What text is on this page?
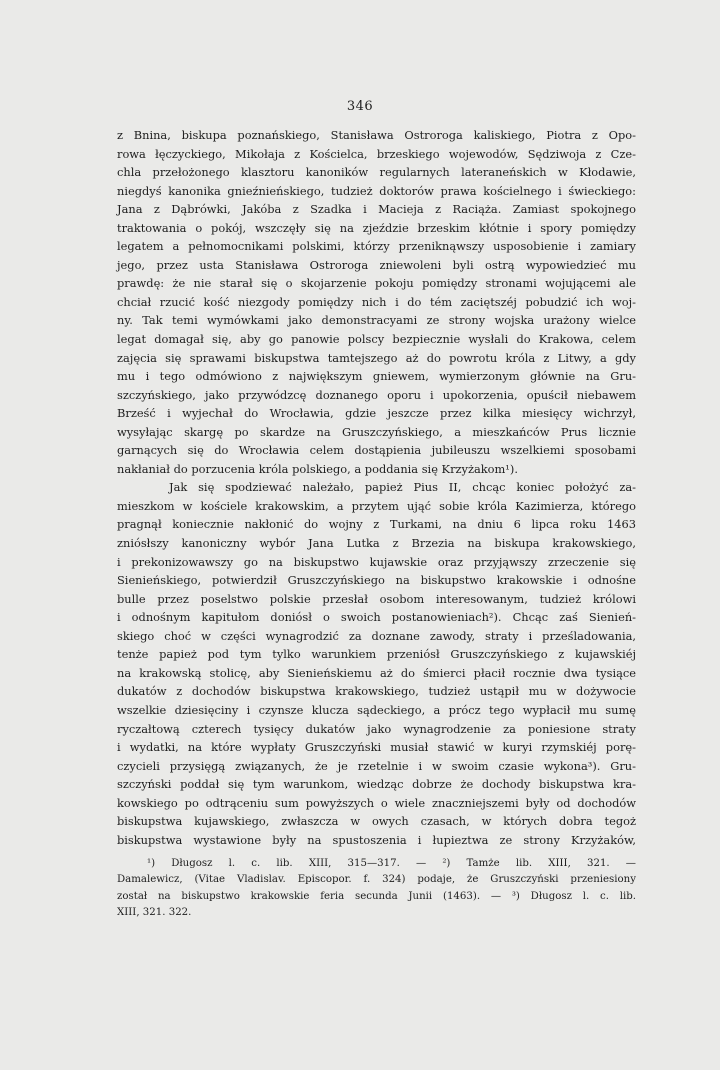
346
z Bnina, biskupa poznańskiego, Stanisława Ostroroga kaliskiego, Piotra z Opo-
rowa łęczyckiego, Mikołaja z Kościelca, brzeskiego wojewodów, Sędziwoja z Cze-
chla przełożonego klasztoru kanoników regularnych lateraneńskich w Kłodawie,
niegdyś kanonika gnieźnieńskiego, tudzież doktorów prawa kościelnego i świeckiego:
Jana z Dąbrówki, Jakóba z Szadka i Macieja z Raciąża. Zamiast spokojnego
traktowania o pokój, wszczęły się na zjeździe brzeskim kłótnie i spory pomiędzy
legatem a pełnomocnikami polskimi, którzy przeniknąwszy usposobienie i zamiary
jego, przez usta Stanisława Ostroroga zniewoleni byli ostrą wypowiedzieć mu
prawdę: że nie starał się o skojarzenie pokoju pomiędzy stronami wojującemi ale
chciał rzucić kość niezgody pomiędzy nich i do tém zaciętszéj pobudzić ich woj-
ny. Tak temi wymówkami jako demonstracyami ze strony wojska urażony wielce
legat domagał się, aby go panowie polscy bezpiecznie wysłali do Krakowa, celem
zajęcia się sprawami biskupstwa tamtejszego aż do powrotu króla z Litwy, a gdy
mu i tego odmówiono z największym gniewem, wymierzonym głównie na Gru-
szczyńskiego, jako przywódzcę doznanego oporu i upokorzenia, opuścił niebawem
Brześć i wyjechał do Wrocławia, gdzie jeszcze przez kilka miesięcy wichrzył,
wysyłając skargę po skardze na Gruszczyńskiego, a mieszkańców Prus licznie
garnących się do Wrocławia celem dostąpienia jubileuszu wszelkiemi sposobami
nakłaniał do porzucenia króla polskiego, a poddania się Krzyżakom¹).
Jak się spodziewać należało, papież Pius II, chcąc koniec położyć za-
mieszkom w kościele krakowskim, a przytem ująć sobie króla Kazimierza, którego
pragnął koniecznie nakłonić do wojny z Turkami, na dniu 6 lipca roku 1463
zniósłszy kanoniczny wybór Jana Lutka z Brzezia na biskupa krakowskiego,
i prekonizowawszy go na biskupstwo kujawskie oraz przyjąwszy zrzeczenie się
Sienieńskiego, potwierdził Gruszczyńskiego na biskupstwo krakowskie i odnośne
bulle przez poselstwo polskie przesłał osobom interesowanym, tudzież królowi
i odnośnym kapitułom doniósł o swoich postanowieniach²). Chcąc zaś Sienień-
skiego choć w części wynagrodzić za doznane zawody, straty i prześladowania,
tenże papież pod tym tylko warunkiem przeniósł Gruszczyńskiego z kujawskiéj
na krakowską stolicę, aby Sienieńskiemu aż do śmierci płacił rocznie dwa tysiące
dukatów z dochodów biskupstwa krakowskiego, tudzież ustąpił mu w dożywocie
wszelkie dziesięciny i czynsze klucza sądeckiego, a prócz tego wypłacił mu sumę
ryczałtową czterech tysięcy dukatów jako wynagrodzenie za poniesione straty
i wydatki, na które wypłaty Gruszczyński musiał stawić w kuryi rzymskiéj porę-
czycieli przysięgą związanych, że je rzetelnie i w swoim czasie wykona³). Gru-
szczyński poddał się tym warunkom, wiedząc dobrze że dochody biskupstwa kra-
kowskiego po odtrąceniu sum powyższych o wiele znaczniejszemi były od dochodów
biskupstwa kujawskiego, zwłaszcza w owych czasach, w których dobra tegoż
biskupstwa wystawione były na spustoszenia i łupieztwa ze strony Krzyżaków,
¹) Długosz l. c. lib. XIII, 315—317. — ²) Tamże lib. XIII, 321. —
Damalewicz, (Vitae Vladislav. Episcopor. f. 324) podaje, że Gruszczyński przeniesiony
został na biskupstwo krakowskie feria secunda Junii (1463). — ³) Długosz l. c. lib.
XIII, 321. 322.
